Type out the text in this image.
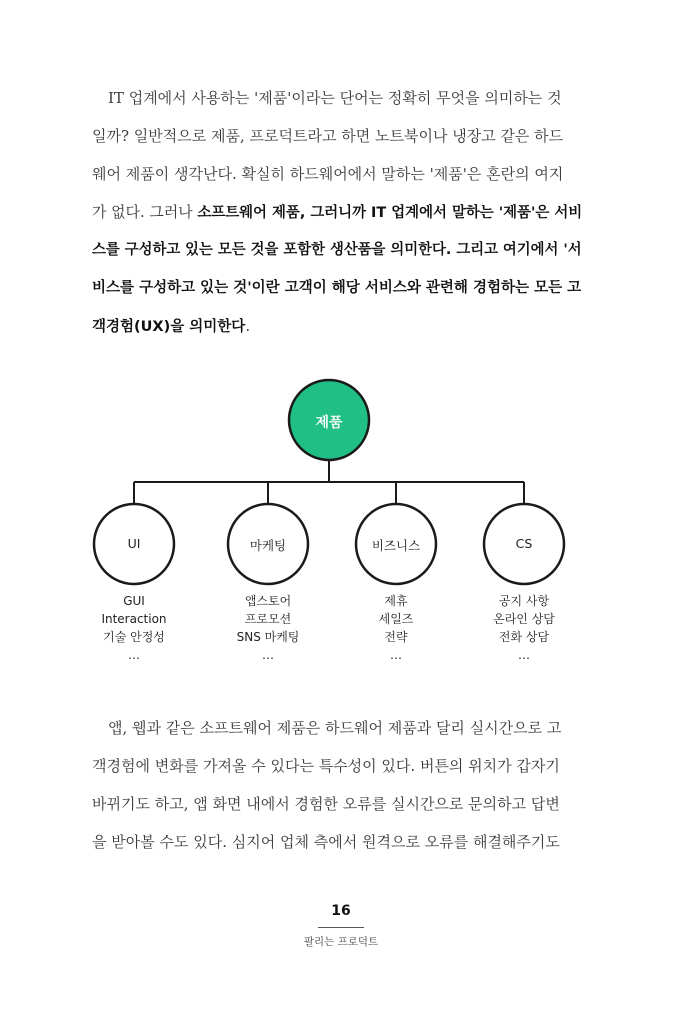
IT 업계에서 사용하는 '제품'이라는 단어는 정확히 무엇을 의미하는 것
일까? 일반적으로 제품, 프로덕트라고 하면 노트북이나 냉장고 같은 하드
웨어 제품이 생각난다. 확실히 하드웨어에서 말하는 '제품'은 혼란의 여지
가 없다. 그러나 소프트웨어 제품, 그러니까 IT 업계에서 말하는 '제품'은 서비
스를 구성하고 있는 모든 것을 포함한 생산품을 의미한다. 그리고 여기에서 '서
비스를 구성하고 있는 것'이란 고객이 해당 서비스와 관련해 경험하는 모든 고
객경험(UX)을 의미한다.
제품
UI	마케팅	비즈니스	CS
GUI
Interaction
기술 안정성
…
앱스토어
프로모션
SNS 마케팅
…
제휴
세일즈
전략
…
공지 사항
온라인 상담
전화 상담
…
앱, 웹과 같은 소프트웨어 제품은 하드웨어 제품과 달리 실시간으로 고
객경험에 변화를 가져올 수 있다는 특수성이 있다. 버튼의 위치가 갑자기
바뀌기도 하고, 앱 화면 내에서 경험한 오류를 실시간으로 문의하고 답변
을 받아볼 수도 있다. 심지어 업체 측에서 원격으로 오류를 해결해주기도
16
팔리는 프로덕트
